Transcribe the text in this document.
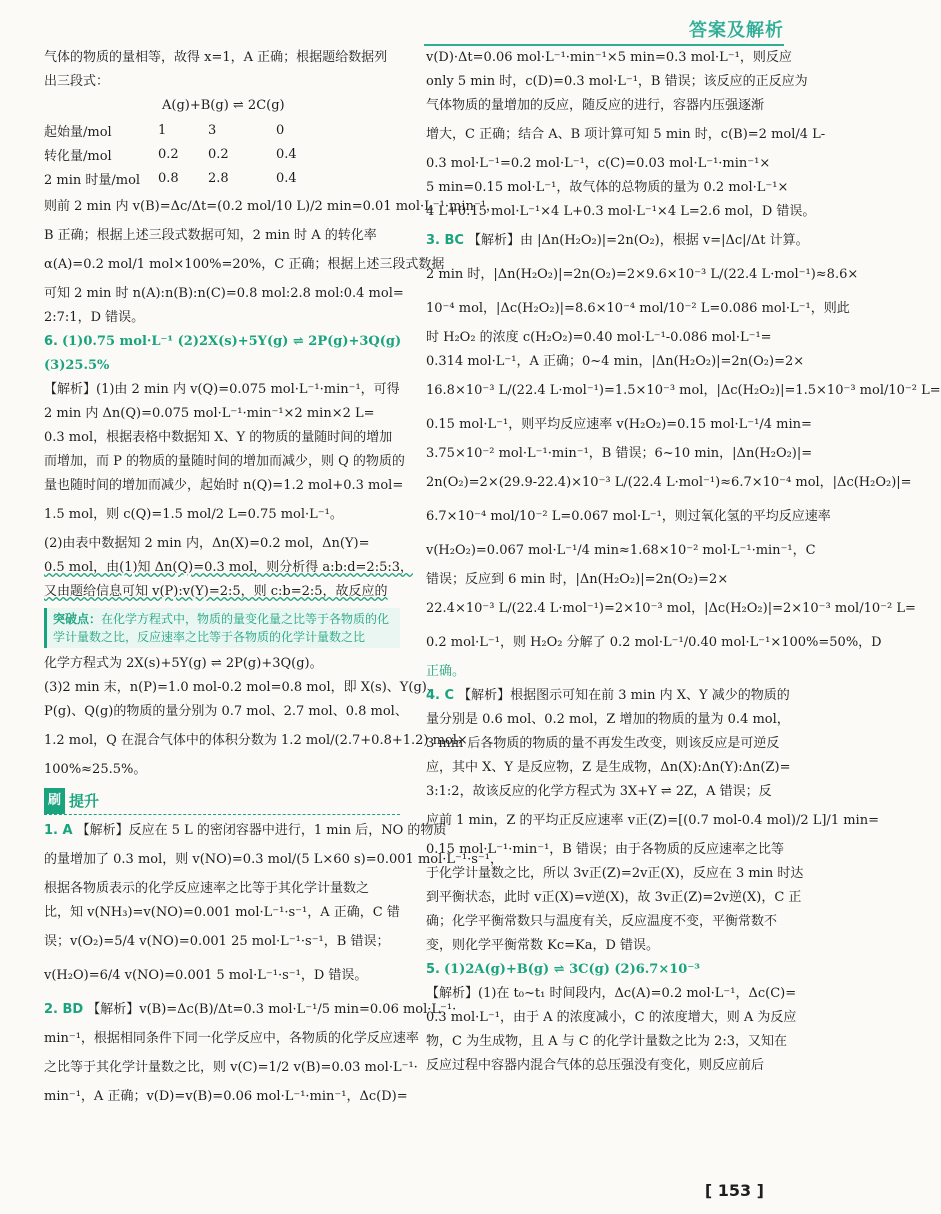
答案及解析
气体的物质的量相等，故得 x=1，A 正确；根据题给数据列
出三段式：
A(g)+B(g) ⇌ 2C(g)
起始量/mol	1	3	0
转化量/mol	0.2	0.2	0.4
2 min 时量/mol	0.8	2.8	0.4
则前 2 min 内 v(B)=Δc/Δt=(0.2 mol/10 L)/2 min=0.01 mol·L⁻¹·min⁻¹，
B 正确；根据上述三段式数据可知，2 min 时 A 的转化率
α(A)=0.2 mol/1 mol×100%=20%，C 正确；根据上述三段式数据
可知 2 min 时 n(A):n(B):n(C)=0.8 mol:2.8 mol:0.4 mol=
2:7:1，D 错误。
6. (1)0.75 mol·L⁻¹ (2)2X(s)+5Y(g) ⇌ 2P(g)+3Q(g)
(3)25.5%
【解析】(1)由 2 min 内 v(Q)=0.075 mol·L⁻¹·min⁻¹，可得
2 min 内 Δn(Q)=0.075 mol·L⁻¹·min⁻¹×2 min×2 L=
0.3 mol，根据表格中数据知 X、Y 的物质的量随时间的增加
而增加，而 P 的物质的量随时间的增加而减少，则 Q 的物质的
量也随时间的增加而减少，起始时 n(Q)=1.2 mol+0.3 mol=
1.5 mol，则 c(Q)=1.5 mol/2 L=0.75 mol·L⁻¹。
(2)由表中数据知 2 min 内，Δn(X)=0.2 mol，Δn(Y)=
0.5 mol，由(1)知 Δn(Q)=0.3 mol，则分析得 a:b:d=2:5:3，
又由题给信息可知 v(P):v(Y)=2:5，则 c:b=2:5，故反应的
突破点：在化学方程式中，物质的量变化量之比等于各物质的化学计量数之比，反应速率之比等于各物质的化学计量数之比
化学方程式为 2X(s)+5Y(g) ⇌ 2P(g)+3Q(g)。
(3)2 min 末，n(P)=1.0 mol-0.2 mol=0.8 mol，即 X(s)、Y(g)、
P(g)、Q(g)的物质的量分别为 0.7 mol、2.7 mol、0.8 mol、
1.2 mol，Q 在混合气体中的体积分数为 1.2 mol/(2.7+0.8+1.2) mol×
100%≈25.5%。
刷 提升
1. A 【解析】反应在 5 L 的密闭容器中进行，1 min 后，NO 的物质
的量增加了 0.3 mol，则 v(NO)=0.3 mol/(5 L×60 s)=0.001 mol·L⁻¹·s⁻¹，
根据各物质表示的化学反应速率之比等于其化学计量数之
比，知 v(NH₃)=v(NO)=0.001 mol·L⁻¹·s⁻¹，A 正确，C 错
误；v(O₂)=5/4 v(NO)=0.001 25 mol·L⁻¹·s⁻¹，B 错误；
v(H₂O)=6/4 v(NO)=0.001 5 mol·L⁻¹·s⁻¹，D 错误。
2. BD 【解析】v(B)=Δc(B)/Δt=0.3 mol·L⁻¹/5 min=0.06 mol·L⁻¹·
min⁻¹，根据相同条件下同一化学反应中，各物质的化学反应速率
之比等于其化学计量数之比，则 v(C)=1/2 v(B)=0.03 mol·L⁻¹·
min⁻¹，A 正确；v(D)=v(B)=0.06 mol·L⁻¹·min⁻¹，Δc(D)=
v(D)·Δt=0.06 mol·L⁻¹·min⁻¹×5 min=0.3 mol·L⁻¹，则反应
only 5 min 时，c(D)=0.3 mol·L⁻¹，B 错误；该反应的正反应为
气体物质的量增加的反应，随反应的进行，容器内压强逐渐
增大，C 正确；结合 A、B 项计算可知 5 min 时，c(B)=2 mol/4 L-
0.3 mol·L⁻¹=0.2 mol·L⁻¹，c(C)=0.03 mol·L⁻¹·min⁻¹×
5 min=0.15 mol·L⁻¹，故气体的总物质的量为 0.2 mol·L⁻¹×
4 L+0.15 mol·L⁻¹×4 L+0.3 mol·L⁻¹×4 L=2.6 mol，D 错误。
3. BC 【解析】由 |Δn(H₂O₂)|=2n(O₂)，根据 v=|Δc|/Δt 计算。
2 min 时，|Δn(H₂O₂)|=2n(O₂)=2×9.6×10⁻³ L/(22.4 L·mol⁻¹)≈8.6×
10⁻⁴ mol，|Δc(H₂O₂)|=8.6×10⁻⁴ mol/10⁻² L=0.086 mol·L⁻¹，则此
时 H₂O₂ 的浓度 c(H₂O₂)=0.40 mol·L⁻¹-0.086 mol·L⁻¹=
0.314 mol·L⁻¹，A 正确；0~4 min，|Δn(H₂O₂)|=2n(O₂)=2×
16.8×10⁻³ L/(22.4 L·mol⁻¹)=1.5×10⁻³ mol，|Δc(H₂O₂)|=1.5×10⁻³ mol/10⁻² L=
0.15 mol·L⁻¹，则平均反应速率 v(H₂O₂)=0.15 mol·L⁻¹/4 min=
3.75×10⁻² mol·L⁻¹·min⁻¹，B 错误；6~10 min，|Δn(H₂O₂)|=
2n(O₂)=2×(29.9-22.4)×10⁻³ L/(22.4 L·mol⁻¹)≈6.7×10⁻⁴ mol，|Δc(H₂O₂)|=
6.7×10⁻⁴ mol/10⁻² L=0.067 mol·L⁻¹，则过氧化氢的平均反应速率
v(H₂O₂)=0.067 mol·L⁻¹/4 min≈1.68×10⁻² mol·L⁻¹·min⁻¹，C
错误；反应到 6 min 时，|Δn(H₂O₂)|=2n(O₂)=2×
22.4×10⁻³ L/(22.4 L·mol⁻¹)=2×10⁻³ mol，|Δc(H₂O₂)|=2×10⁻³ mol/10⁻² L=
0.2 mol·L⁻¹，则 H₂O₂ 分解了 0.2 mol·L⁻¹/0.40 mol·L⁻¹×100%=50%，D
正确。
4. C 【解析】根据图示可知在前 3 min 内 X、Y 减少的物质的
量分别是 0.6 mol、0.2 mol，Z 增加的物质的量为 0.4 mol，
3 min 后各物质的物质的量不再发生改变，则该反应是可逆反
应，其中 X、Y 是反应物，Z 是生成物，Δn(X):Δn(Y):Δn(Z)=
3:1:2，故该反应的化学方程式为 3X+Y ⇌ 2Z，A 错误；反
应前 1 min，Z 的平均正反应速率 v正(Z)=[(0.7 mol-0.4 mol)/2 L]/1 min=
0.15 mol·L⁻¹·min⁻¹，B 错误；由于各物质的反应速率之比等
于化学计量数之比，所以 3v正(Z)=2v正(X)，反应在 3 min 时达
到平衡状态，此时 v正(X)=v逆(X)，故 3v正(Z)=2v逆(X)，C 正
确；化学平衡常数只与温度有关，反应温度不变，平衡常数不
变，则化学平衡常数 Kc=Ka，D 错误。
5. (1)2A(g)+B(g) ⇌ 3C(g) (2)6.7×10⁻³
【解析】(1)在 t₀~t₁ 时间段内，Δc(A)=0.2 mol·L⁻¹，Δc(C)=
0.3 mol·L⁻¹，由于 A 的浓度减小，C 的浓度增大，则 A 为反应
物，C 为生成物，且 A 与 C 的化学计量数之比为 2:3，又知在
反应过程中容器内混合气体的总压强没有变化，则反应前后
[ 153 ]
